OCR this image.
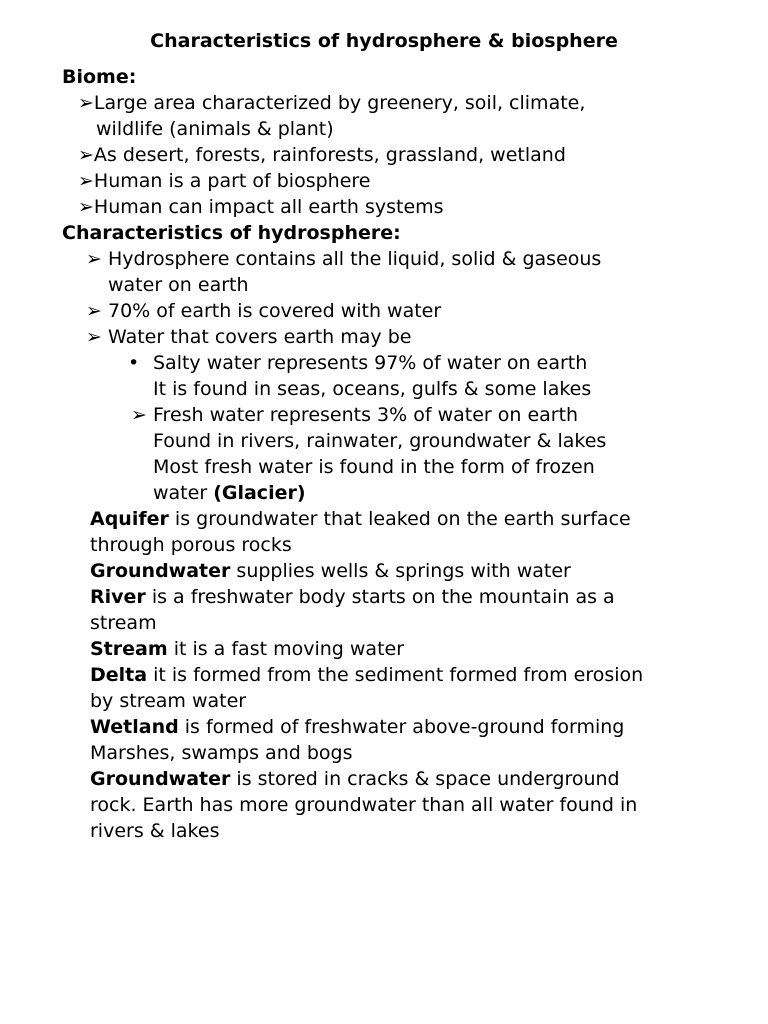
Characteristics of hydrosphere & biosphere
Biome:
➢Large area characterized by greenery, soil, climate,
wildlife (animals & plant)
➢As desert, forests, rainforests, grassland, wetland
➢Human is a part of biosphere
➢Human can impact all earth systems
Characteristics of hydrosphere:
➢ Hydrosphere contains all the liquid, solid & gaseous
water on earth
➢ 70% of earth is covered with water
➢ Water that covers earth may be
• Salty water represents 97% of water on earth
It is found in seas, oceans, gulfs & some lakes
➢ Fresh water represents 3% of water on earth
Found in rivers, rainwater, groundwater & lakes
Most fresh water is found in the form of frozen
water (Glacier)
Aquifer is groundwater that leaked on the earth surface
through porous rocks
Groundwater supplies wells & springs with water
River is a freshwater body starts on the mountain as a
stream
Stream it is a fast moving water
Delta it is formed from the sediment formed from erosion
by stream water
Wetland is formed of freshwater above-ground forming
Marshes, swamps and bogs
Groundwater is stored in cracks & space underground
rock. Earth has more groundwater than all water found in
rivers & lakes
